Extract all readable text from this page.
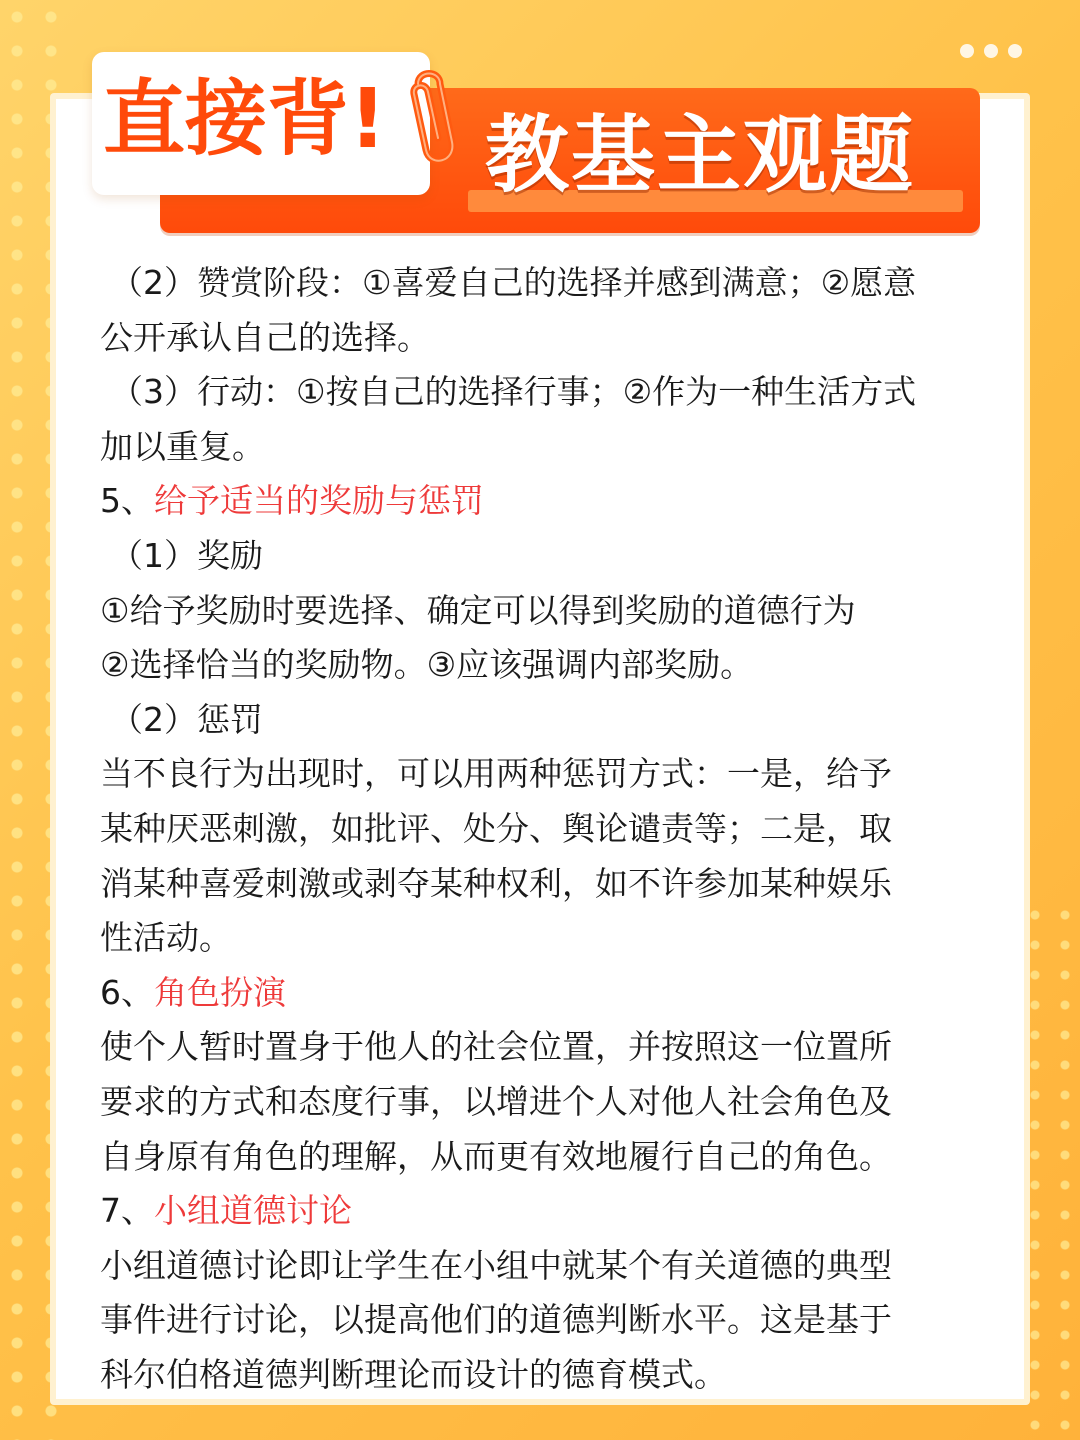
教基主观题
直接背!
（2）赞赏阶段：①喜爱自己的选择并感到满意；②愿意
公开承认自己的选择。
（3）行动：①按自己的选择行事；②作为一种生活方式
加以重复。
5、给予适当的奖励与惩罚
（1）奖励
①给予奖励时要选择、确定可以得到奖励的道德行为
②选择恰当的奖励物。③应该强调内部奖励。
（2）惩罚
当不良行为出现时，可以用两种惩罚方式：一是，给予
某种厌恶刺激，如批评、处分、舆论谴责等；二是，取
消某种喜爱刺激或剥夺某种权利，如不许参加某种娱乐
性活动。
6、角色扮演
使个人暂时置身于他人的社会位置，并按照这一位置所
要求的方式和态度行事，以增进个人对他人社会角色及
自身原有角色的理解，从而更有效地履行自己的角色。
7、小组道德讨论
小组道德讨论即让学生在小组中就某个有关道德的典型
事件进行讨论，以提高他们的道德判断水平。这是基于
科尔伯格道德判断理论而设计的德育模式。
